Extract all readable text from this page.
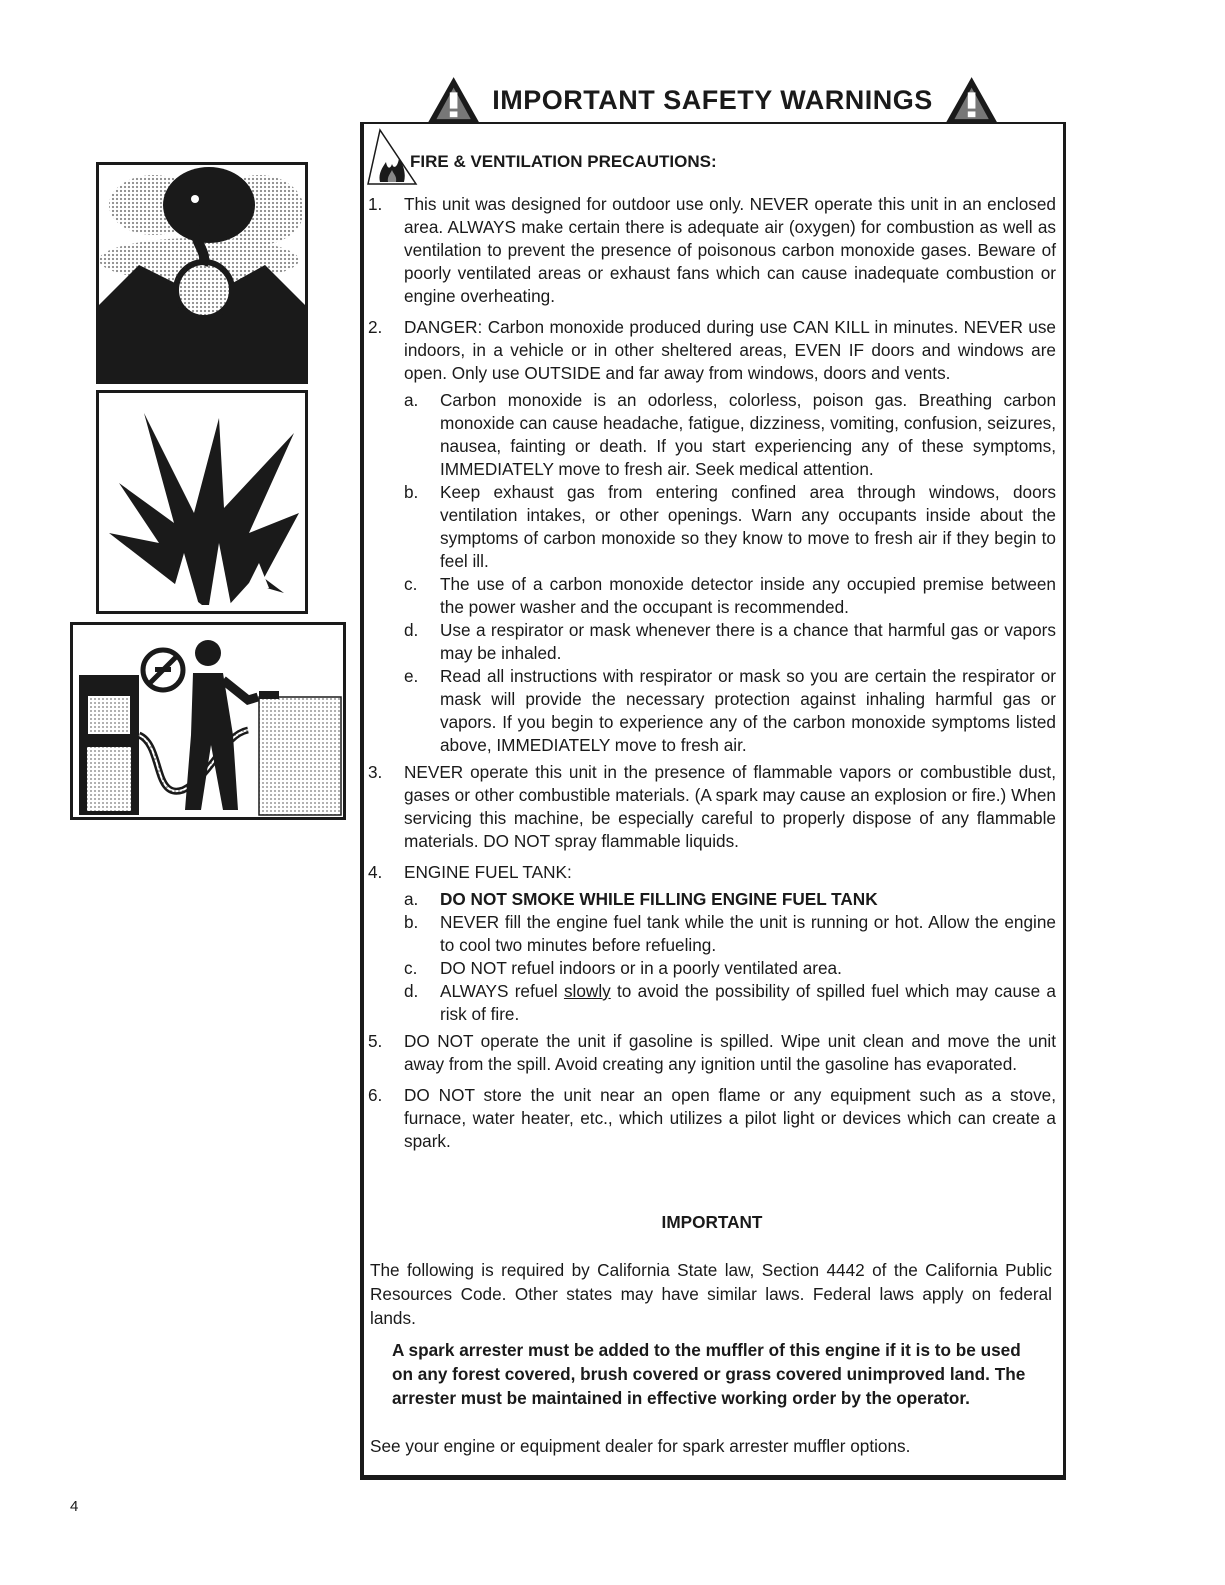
IMPORTANT SAFETY WARNINGS
FIRE & VENTILATION PRECAUTIONS:
1. This unit was designed for outdoor use only. NEVER operate this unit in an enclosed area. ALWAYS make certain there is adequate air (oxygen) for combustion as well as ventilation to prevent the presence of poisonous carbon monoxide gases. Beware of poorly ventilated areas or exhaust fans which can cause inadequate combustion or engine overheating.
2. DANGER: Carbon monoxide produced during use CAN KILL in minutes. NEVER use indoors, in a vehicle or in other sheltered areas, EVEN IF doors and windows are open. Only use OUTSIDE and far away from windows, doors and vents.
a. Carbon monoxide is an odorless, colorless, poison gas. Breathing carbon monoxide can cause headache, fatigue, dizziness, vomiting, confusion, seizures, nausea, fainting or death. If you start experiencing any of these symptoms, IMMEDIATELY move to fresh air. Seek medical attention.
b. Keep exhaust gas from entering confined area through windows, doors ventilation intakes, or other openings. Warn any occupants inside about the symptoms of carbon monoxide so they know to move to fresh air if they begin to feel ill.
c. The use of a carbon monoxide detector inside any occupied premise between the power washer and the occupant is recommended.
d. Use a respirator or mask whenever there is a chance that harmful gas or vapors may be inhaled.
e. Read all instructions with respirator or mask so you are certain the respirator or mask will provide the necessary protection against inhaling harmful gas or vapors. If you begin to experience any of the carbon monoxide symptoms listed above, IMMEDIATELY move to fresh air.
3. NEVER operate this unit in the presence of flammable vapors or combustible dust, gases or other combustible materials. (A spark may cause an explosion or fire.) When servicing this machine, be especially careful to properly dispose of any flammable materials. DO NOT spray flammable liquids.
4. ENGINE FUEL TANK:
a. DO NOT SMOKE WHILE FILLING ENGINE FUEL TANK
b. NEVER fill the engine fuel tank while the unit is running or hot. Allow the engine to cool two minutes before refueling.
c. DO NOT refuel indoors or in a poorly ventilated area.
d. ALWAYS refuel slowly to avoid the possibility of spilled fuel which may cause a risk of fire.
5. DO NOT operate the unit if gasoline is spilled. Wipe unit clean and move the unit away from the spill. Avoid creating any ignition until the gasoline has evaporated.
6. DO NOT store the unit near an open flame or any equipment such as a stove, furnace, water heater, etc., which utilizes a pilot light or devices which can create a spark.
IMPORTANT
The following is required by California State law, Section 4442 of the California Public Resources Code. Other states may have similar laws. Federal laws apply on federal lands.
A spark arrester must be added to the muffler of this engine if it is to be used on any forest covered, brush covered or grass covered unimproved land. The arrester must be maintained in effective working order by the operator.
See your engine or equipment dealer for spark arrester muffler options.
4
